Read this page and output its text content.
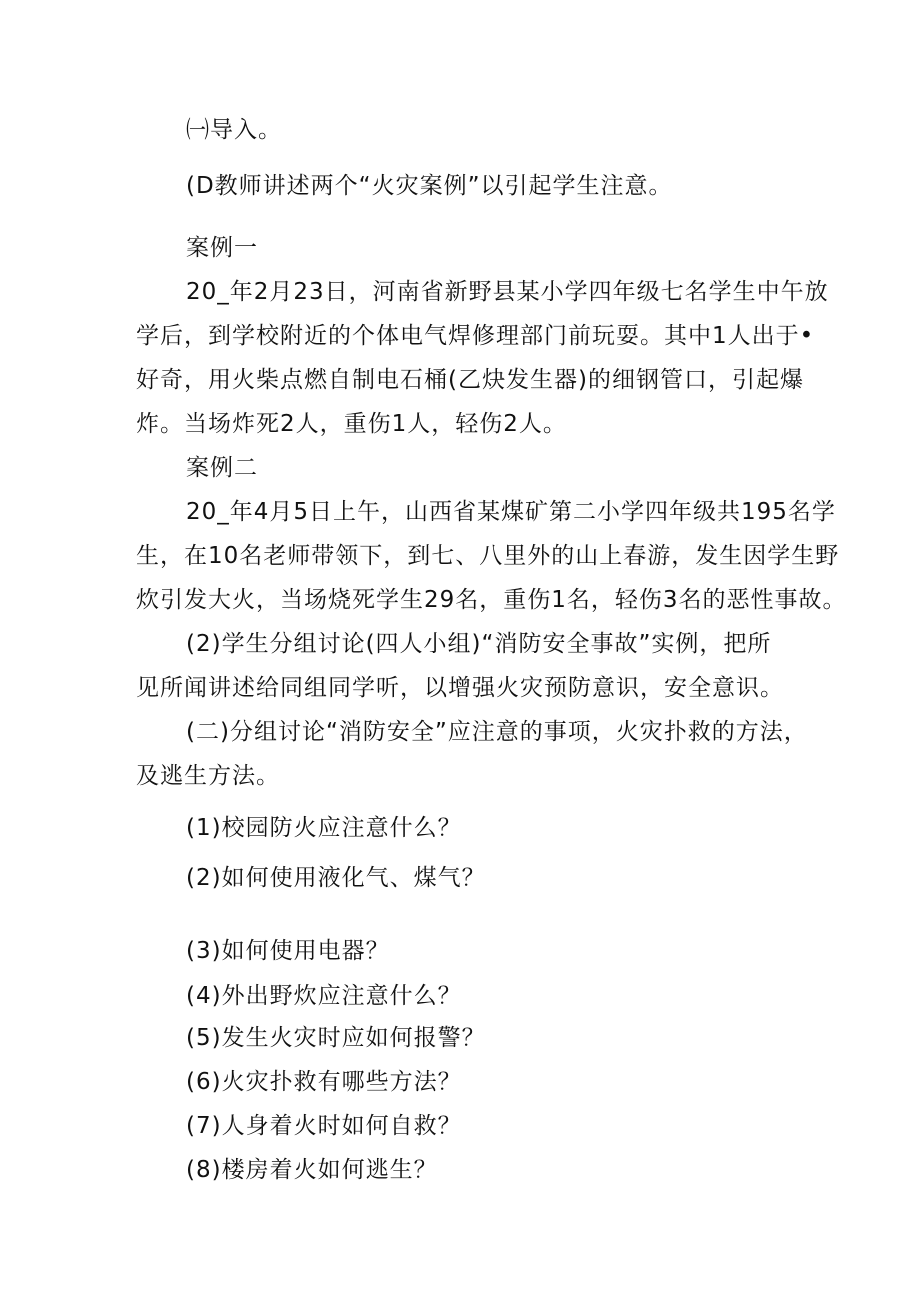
㈠导入。
(D教师讲述两个“火灾案例”以引起学生注意。
案例一
20_年2月23日，河南省新野县某小学四年级七名学生中午放
学后，到学校附近的个体电气焊修理部门前玩耍。其中1人出于•
好奇，用火柴点燃自制电石桶(乙炔发生器)的细钢管口，引起爆
炸。当场炸死2人，重伤1人，轻伤2人。
案例二
20_年4月5日上午，山西省某煤矿第二小学四年级共195名学
生，在10名老师带领下，到七、八里外的山上春游，发生因学生野
炊引发大火，当场烧死学生29名，重伤1名，轻伤3名的恶性事故。
(2)学生分组讨论(四人小组)“消防安全事故”实例，把所
见所闻讲述给同组同学听，以增强火灾预防意识，安全意识。
(二)分组讨论“消防安全”应注意的事项，火灾扑救的方法，
及逃生方法。
(1)校园防火应注意什么？
(2)如何使用液化气、煤气？
(3)如何使用电器？
(4)外出野炊应注意什么？
(5)发生火灾时应如何报警？
(6)火灾扑救有哪些方法？
(7)人身着火时如何自救？
(8)楼房着火如何逃生？
